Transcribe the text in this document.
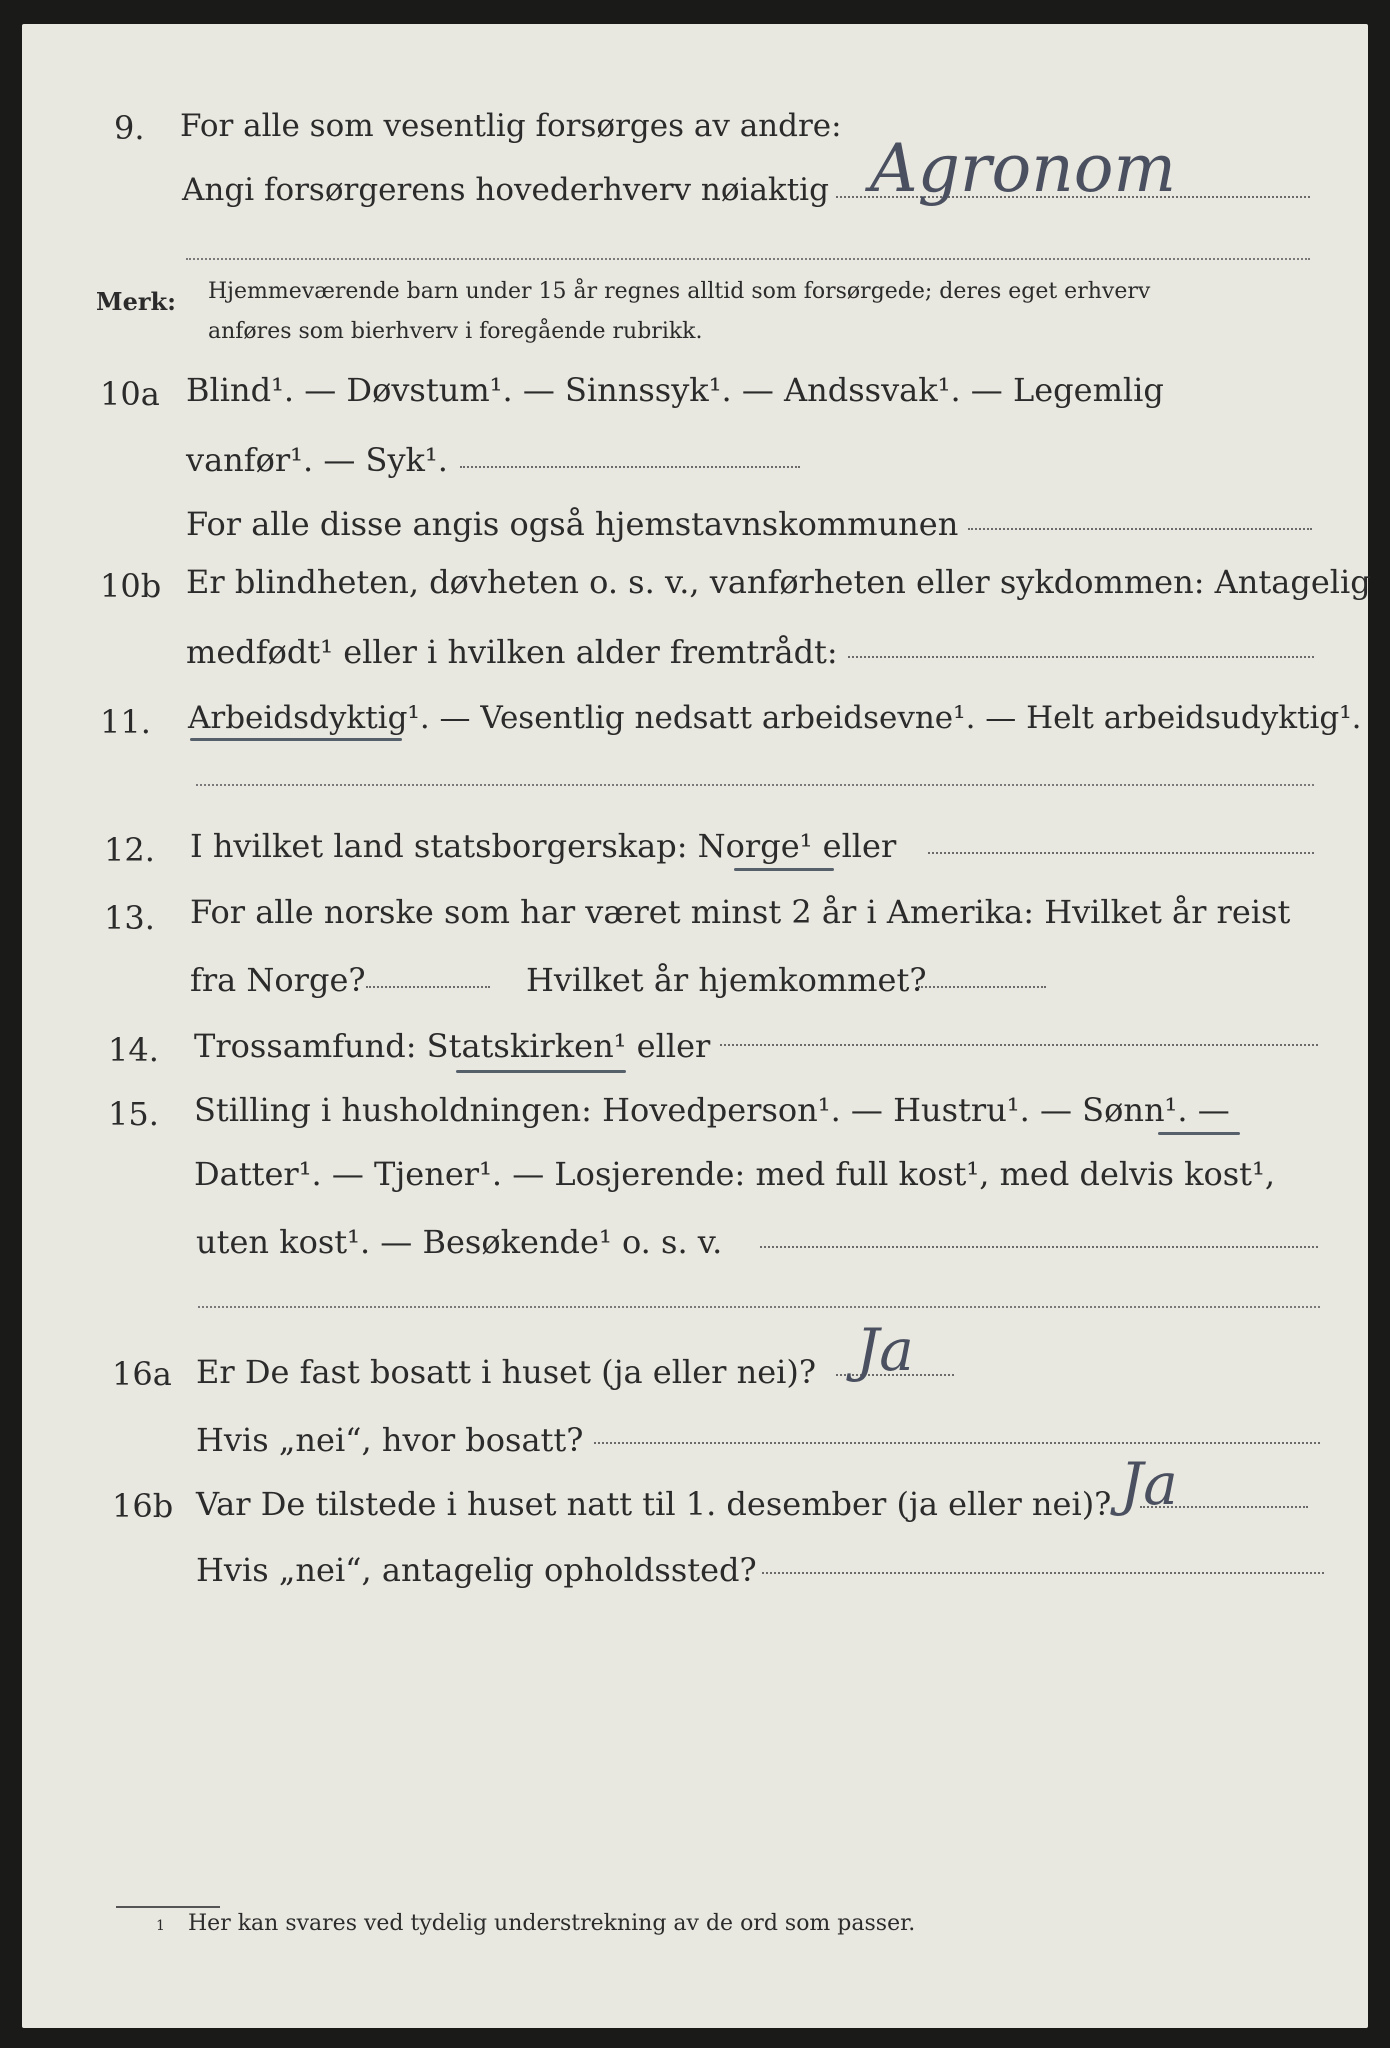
9. For alle som vesentlig forsørges av andre:
Angi forsørgerens hovederhverv nøiaktig Agronom
Merk: Hjemmeværende barn under 15 år regnes alltid som forsørgede; deres eget erhverv
anføres som bierhverv i foregående rubrikk.
10a Blind¹. — Døvstum¹. — Sinnssyk¹. — Andssvak¹. — Legemlig
vanfør¹. — Syk¹.
For alle disse angis også hjemstavnskommunen
10b Er blindheten, døvheten o. s. v., vanførheten eller sykdommen: Antagelig
medfødt¹ eller i hvilken alder fremtrådt:
11. Arbeidsdyktig¹. — Vesentlig nedsatt arbeidsevne¹. — Helt arbeidsudyktig¹.
12. I hvilket land statsborgerskap: Norge¹ eller
13. For alle norske som har været minst 2 år i Amerika: Hvilket år reist
fra Norge?	Hvilket år hjemkommet?
14. Trossamfund: Statskirken¹ eller
15. Stilling i husholdningen: Hovedperson¹. — Hustru¹. — Sønn¹. —
Datter¹. — Tjener¹. — Losjerende: med full kost¹, med delvis kost¹,
uten kost¹. — Besøkende¹ o. s. v.
16a Er De fast bosatt i huset (ja eller nei)? Ja
Hvis „nei“, hvor bosatt?
16b Var De tilstede i huset natt til 1. desember (ja eller nei)? Ja
Hvis „nei“, antagelig opholdssted?
1 Her kan svares ved tydelig understrekning av de ord som passer.
